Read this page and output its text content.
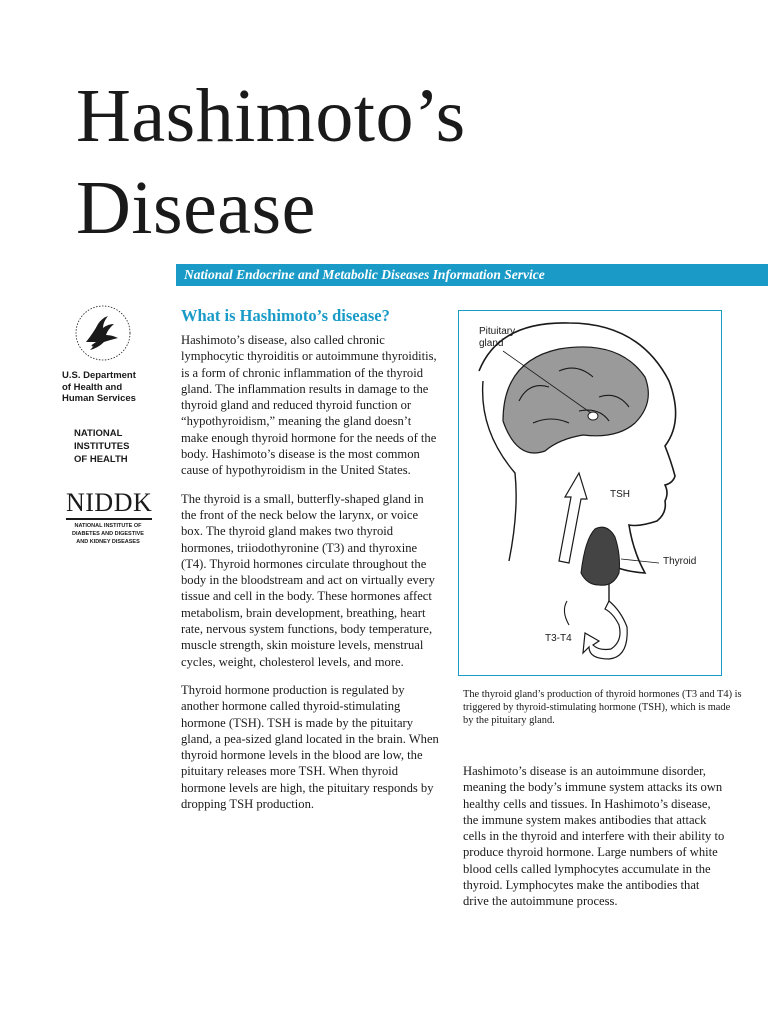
Hashimoto’s
Disease
National Endocrine and Metabolic Diseases Information Service
U.S. Department
of Health and
Human Services
NATIONAL
INSTITUTES
OF HEALTH
NIDDK
NATIONAL INSTITUTE OF
DIABETES AND DIGESTIVE
AND KIDNEY DISEASES
What is Hashimoto’s disease?

Hashimoto’s disease, also called chronic lymphocytic thyroiditis or autoimmune thyroiditis, is a form of chronic inflammation of the thyroid gland. The inflammation results in damage to the thyroid gland and reduced thyroid function or “hypothyroidism,” meaning the gland doesn’t make enough thyroid hormone for the needs of the body. Hashimoto’s disease is the most common cause of hypothyroidism in the United States.

The thyroid is a small, butterfly-shaped gland in the front of the neck below the larynx, or voice box. The thyroid gland makes two thyroid hormones, triiodothyronine (T3) and thyroxine (T4). Thyroid hormones circulate throughout the body in the bloodstream and act on virtually every tissue and cell in the body. These hormones affect metabolism, brain development, breathing, heart rate, nervous system functions, body temperature, muscle strength, skin moisture levels, menstrual cycles, weight, cholesterol levels, and more.

Thyroid hormone production is regulated by another hormone called thyroid-stimulating hormone (TSH). TSH is made by the pituitary gland, a pea-sized gland located in the brain. When thyroid hormone levels in the blood are low, the pituitary releases more TSH. When thyroid hormone levels are high, the pituitary responds by dropping TSH production.

Pituitary
gland
TSH
Thyroid
T3-T4
The thyroid gland’s production of thyroid hormones (T3 and T4) is triggered by thyroid-stimulating hormone (TSH), which is made by the pituitary gland.

Hashimoto’s disease is an autoimmune disorder, meaning the body’s immune system attacks its own healthy cells and tissues. In Hashimoto’s disease, the immune system makes antibodies that attack cells in the thyroid and interfere with their ability to produce thyroid hormone. Large numbers of white blood cells called lymphocytes accumulate in the thyroid. Lymphocytes make the antibodies that drive the autoimmune process.
